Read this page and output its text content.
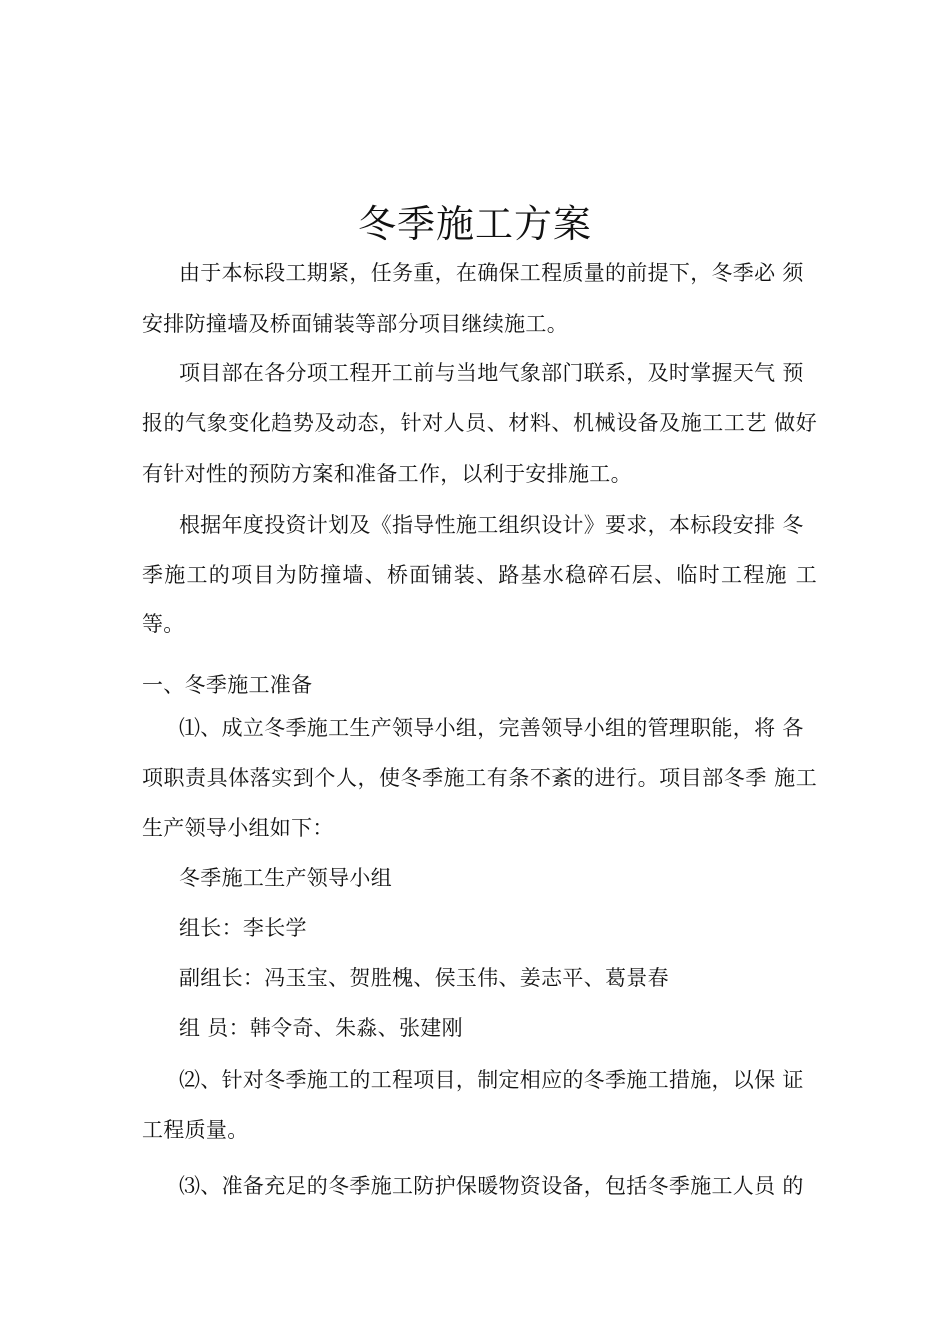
冬季施工方案
由于本标段工期紧，任务重，在确保工程质量的前提下，冬季必 须
安排防撞墙及桥面铺装等部分项目继续施工。
项目部在各分项工程开工前与当地气象部门联系，及时掌握天气 预
报的气象变化趋势及动态，针对人员、材料、机械设备及施工工艺 做好
有针对性的预防方案和准备工作，以利于安排施工。
根据年度投资计划及《指导性施工组织设计》要求，本标段安排 冬
季施工的项目为防撞墙、桥面铺装、路基水稳碎石层、临时工程施 工
等。
一、冬季施工准备
⑴、成立冬季施工生产领导小组，完善领导小组的管理职能，将 各
项职责具体落实到个人，使冬季施工有条不紊的进行。项目部冬季 施工
生产领导小组如下：
冬季施工生产领导小组
组长：李长学
副组长：冯玉宝、贺胜槐、侯玉伟、姜志平、葛景春
组 员：韩令奇、朱淼、张建刚
⑵、针对冬季施工的工程项目，制定相应的冬季施工措施，以保 证
工程质量。
⑶、准备充足的冬季施工防护保暖物资设备，包括冬季施工人员 的
